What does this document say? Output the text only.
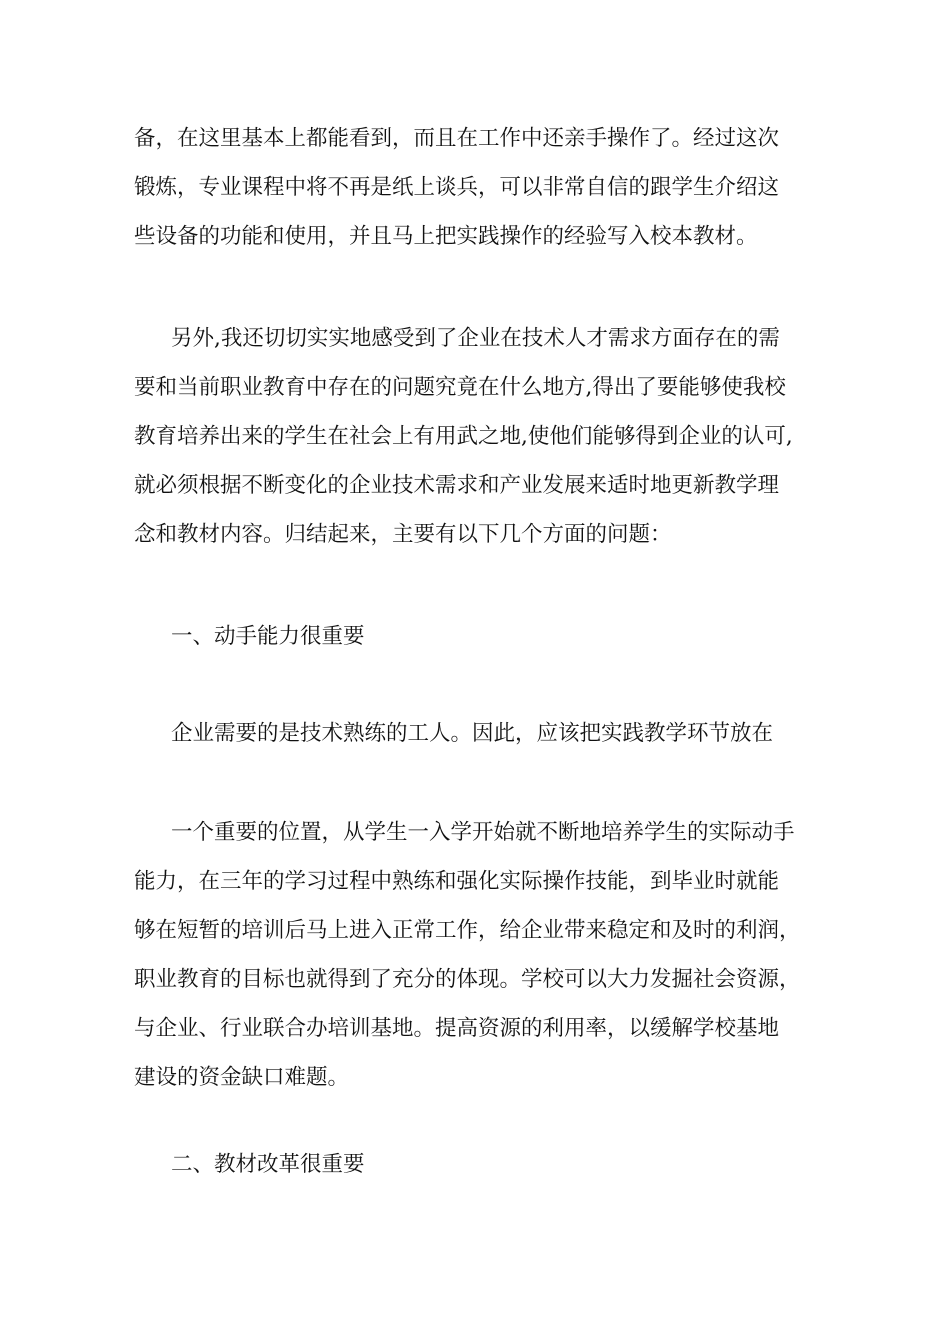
备，在这里基本上都能看到，而且在工作中还亲手操作了。经过这次
锻炼，专业课程中将不再是纸上谈兵，可以非常自信的跟学生介绍这
些设备的功能和使用，并且马上把实践操作的经验写入校本教材。

另外,我还切切实实地感受到了企业在技术人才需求方面存在的需
要和当前职业教育中存在的问题究竟在什么地方,得出了要能够使我校
教育培养出来的学生在社会上有用武之地,使他们能够得到企业的认可,
就必须根据不断变化的企业技术需求和产业发展来适时地更新教学理
念和教材内容。归结起来，主要有以下几个方面的问题：

一、动手能力很重要

企业需要的是技术熟练的工人。因此，应该把实践教学环节放在

一个重要的位置，从学生一入学开始就不断地培养学生的实际动手
能力，在三年的学习过程中熟练和强化实际操作技能，到毕业时就能
够在短暂的培训后马上进入正常工作，给企业带来稳定和及时的利润，
职业教育的目标也就得到了充分的体现。学校可以大力发掘社会资源，
与企业、行业联合办培训基地。提高资源的利用率，以缓解学校基地
建设的资金缺口难题。

二、教材改革很重要
